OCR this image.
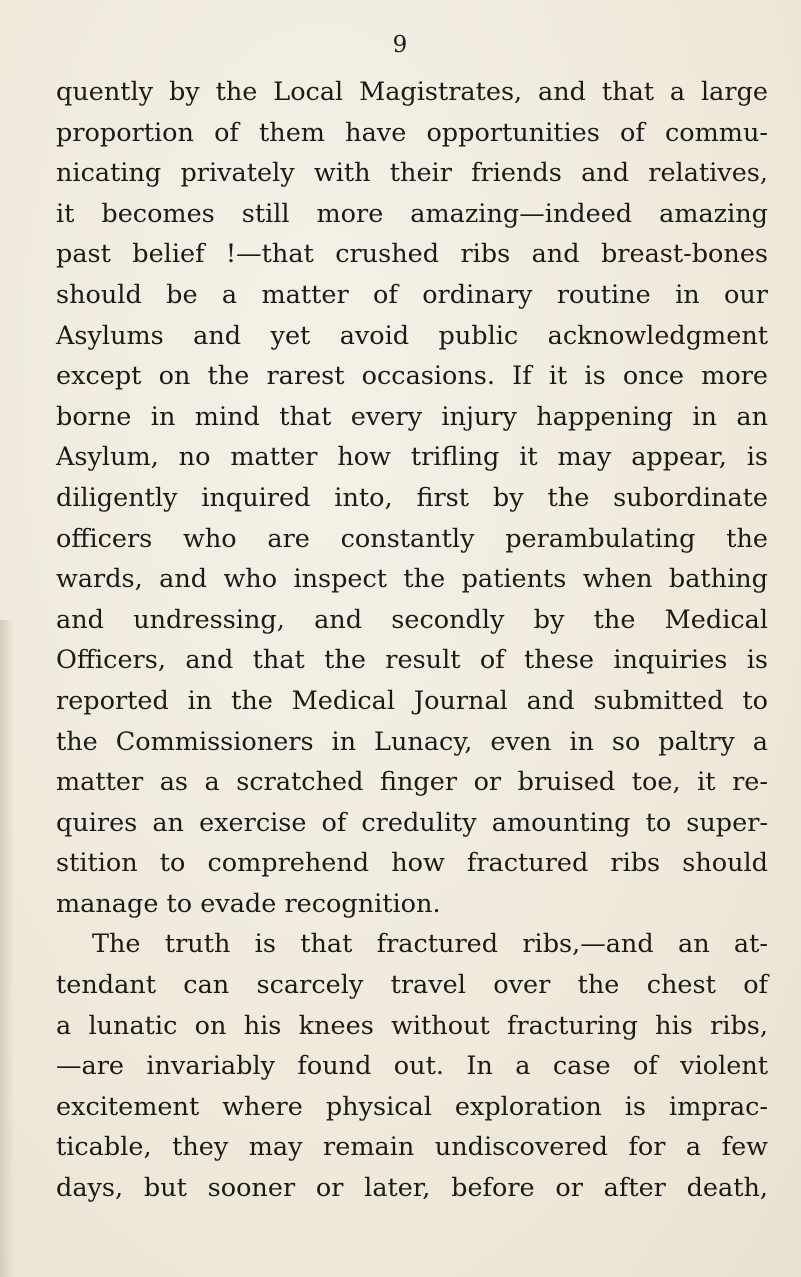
9
quently by the Local Magistrates, and that a large
proportion of them have opportunities of commu-
nicating privately with their friends and relatives,
it becomes still more amazing—indeed amazing
past belief !—that crushed ribs and breast-bones
should be a matter of ordinary routine in our
Asylums and yet avoid public acknowledgment
except on the rarest occasions. If it is once more
borne in mind that every injury happening in an
Asylum, no matter how trifling it may appear, is
diligently inquired into, first by the subordinate
officers who are constantly perambulating the
wards, and who inspect the patients when bathing
and undressing, and secondly by the Medical
Officers, and that the result of these inquiries is
reported in the Medical Journal and submitted to
the Commissioners in Lunacy, even in so paltry a
matter as a scratched finger or bruised toe, it re-
quires an exercise of credulity amounting to super-
stition to comprehend how fractured ribs should
manage to evade recognition.
The truth is that fractured ribs,—and an at-
tendant can scarcely travel over the chest of
a lunatic on his knees without fracturing his ribs,
—are invariably found out. In a case of violent
excitement where physical exploration is imprac-
ticable, they may remain undiscovered for a few
days, but sooner or later, before or after death,
